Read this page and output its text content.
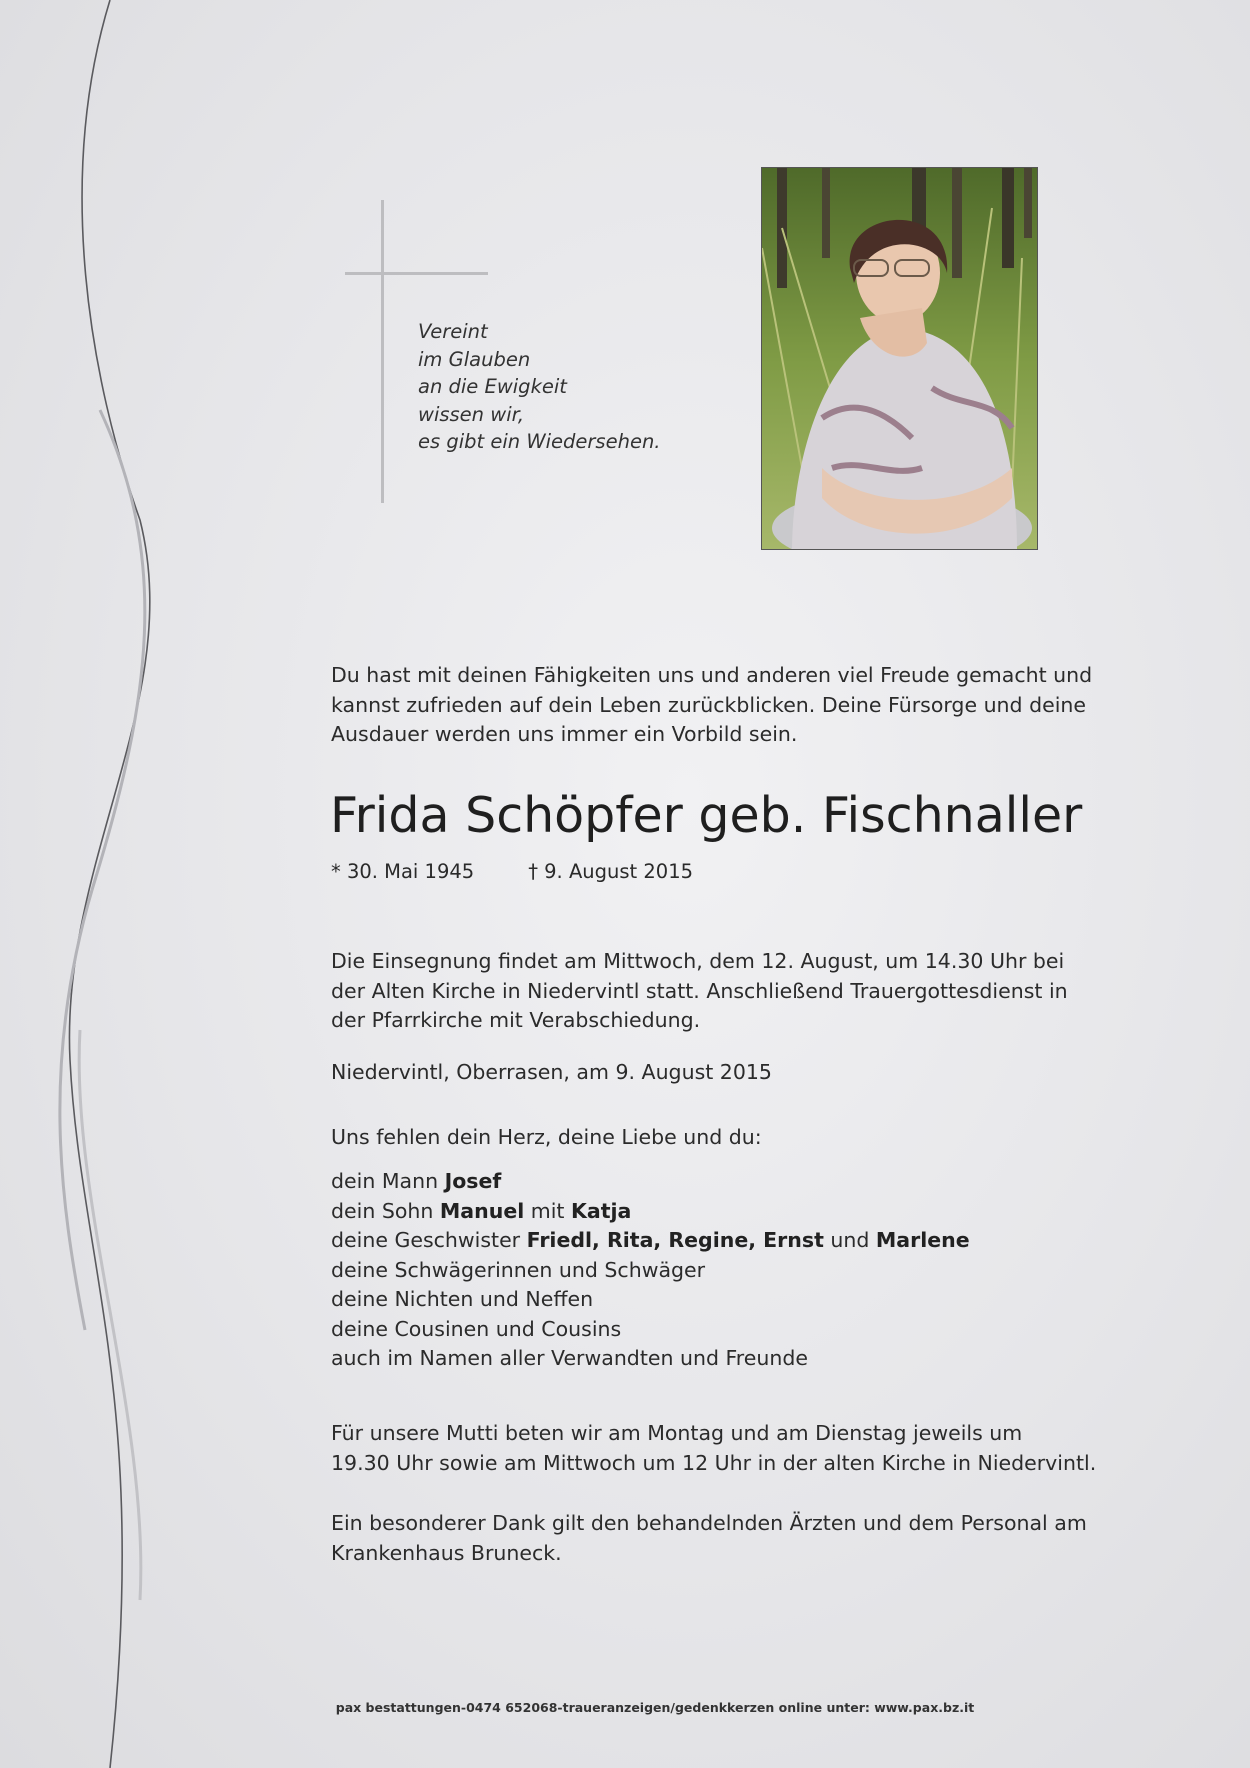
Vereint
im Glauben
an die Ewigkeit
wissen wir,
es gibt ein Wiedersehen.
Du hast mit deinen Fähigkeiten uns und anderen viel Freude gemacht und
kannst zufrieden auf dein Leben zurückblicken. Deine Fürsorge und deine
Ausdauer werden uns immer ein Vorbild sein.
Frida Schöpfer geb. Fischnaller
* 30. Mai 1945	† 9. August 2015
Die Einsegnung findet am Mittwoch, dem 12. August, um 14.30 Uhr bei
der Alten Kirche in Niedervintl statt. Anschließend Trauergottesdienst in
der Pfarrkirche mit Verabschiedung.
Niedervintl, Oberrasen, am 9. August 2015
Uns fehlen dein Herz, deine Liebe und du:
dein Mann Josef
dein Sohn Manuel mit Katja
deine Geschwister Friedl, Rita, Regine, Ernst und Marlene
deine Schwägerinnen und Schwäger
deine Nichten und Neffen
deine Cousinen und Cousins
auch im Namen aller Verwandten und Freunde
Für unsere Mutti beten wir am Montag und am Dienstag jeweils um
19.30 Uhr sowie am Mittwoch um 12 Uhr in der alten Kirche in Niedervintl.
Ein besonderer Dank gilt den behandelnden Ärzten und dem Personal am
Krankenhaus Bruneck.
pax bestattungen-0474 652068-traueranzeigen/gedenkkerzen online unter: www.pax.bz.it
